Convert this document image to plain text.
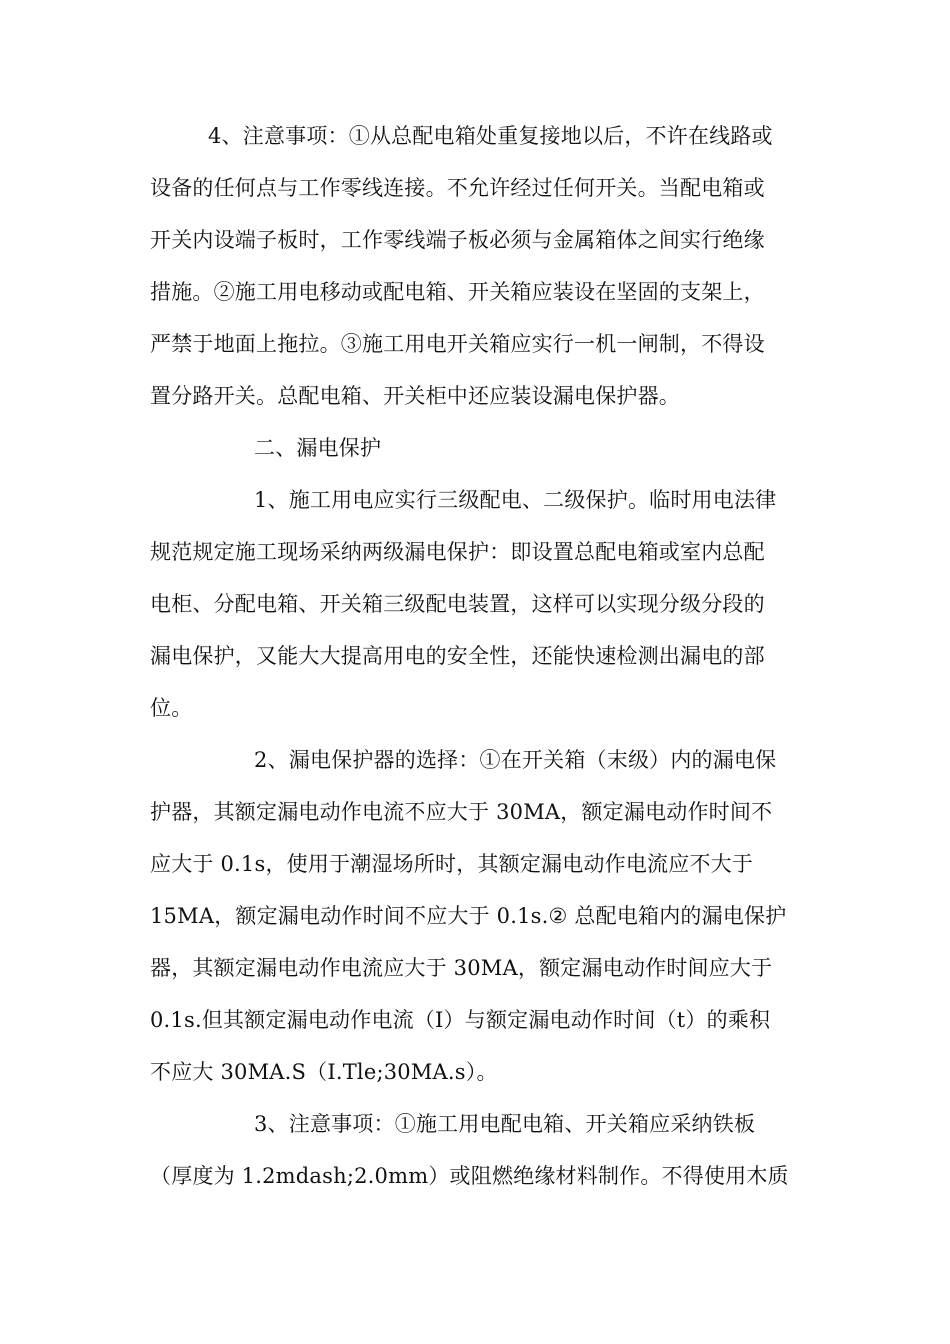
4、注意事项：①从总配电箱处重复接地以后，不许在线路或
设备的任何点与工作零线连接。不允许经过任何开关。当配电箱或
开关内设端子板时，工作零线端子板必须与金属箱体之间实行绝缘
措施。②施工用电移动或配电箱、开关箱应装设在坚固的支架上，
严禁于地面上拖拉。③施工用电开关箱应实行一机一闸制，不得设
置分路开关。总配电箱、开关柜中还应装设漏电保护器。
二、漏电保护
1、施工用电应实行三级配电、二级保护。临时用电法律
规范规定施工现场采纳两级漏电保护：即设置总配电箱或室内总配
电柜、分配电箱、开关箱三级配电装置，这样可以实现分级分段的
漏电保护，又能大大提高用电的安全性，还能快速检测出漏电的部
位。
2、漏电保护器的选择：①在开关箱（末级）内的漏电保
护器，其额定漏电动作电流不应大于 30MA，额定漏电动作时间不
应大于 0.1s，使用于潮湿场所时，其额定漏电动作电流应不大于
15MA，额定漏电动作时间不应大于 0.1s.② 总配电箱内的漏电保护
器，其额定漏电动作电流应大于 30MA，额定漏电动作时间应大于
0.1s.但其额定漏电动作电流（I）与额定漏电动作时间（t）的乘积
不应大 30MA.S（I.Tle;30MA.s）。
3、注意事项：①施工用电配电箱、开关箱应采纳铁板
（厚度为 1.2mdash;2.0mm）或阻燃绝缘材料制作。不得使用木质
